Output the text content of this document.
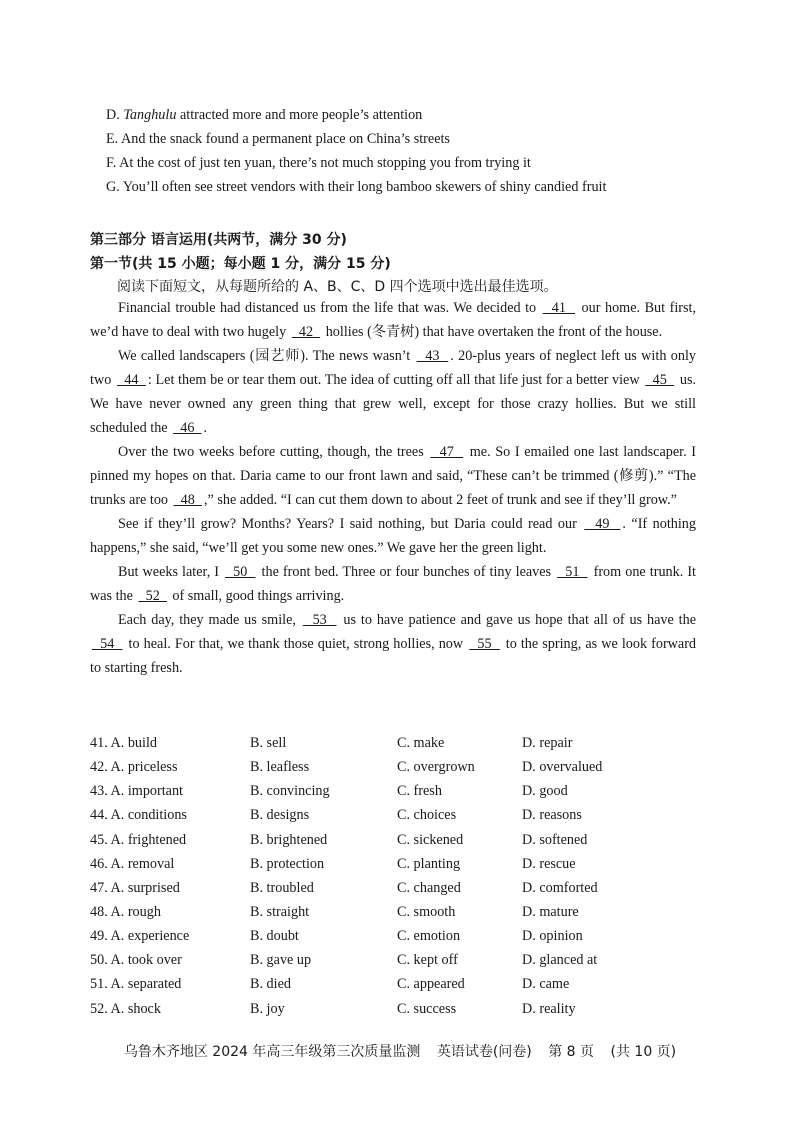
D. Tanghulu attracted more and more people’s attention
E. And the snack found a permanent place on China’s streets
F. At the cost of just ten yuan, there’s not much stopping you from trying it
G. You’ll often see street vendors with their long bamboo skewers of shiny candied fruit
第三部分 语言运用(共两节，满分 30 分)
第一节(共 15 小题；每小题 1 分，满分 15 分)
阅读下面短文，从每题所给的 A、B、C、D 四个选项中选出最佳选项。

Financial trouble had distanced us from the life that was. We decided to   41   our home. But first, we’d have to deal with two hugely   42   hollies (冬青树) that have overtaken the front of the house.

We called landscapers (园艺师). The news wasn’t   43  . 20-plus years of neglect left us with only two   44  : Let them be or tear them out. The idea of cutting off all that life just for a better view   45   us. We have never owned any green thing that grew well, except for those crazy hollies. But we still scheduled the   46  .

Over the two weeks before cutting, though, the trees   47   me. So I emailed one last landscaper. I pinned my hopes on that. Daria came to our front lawn and said, “These can’t be trimmed (修剪).” “The trunks are too   48  ,” she added. “I can cut them down to about 2 feet of trunk and see if they’ll grow.”

See if they’ll grow? Months? Years? I said nothing, but Daria could read our   49  . “If nothing happens,” she said, “we’ll get you some new ones.” We gave her the green light.

But weeks later, I   50   the front bed. Three or four bunches of tiny leaves   51   from one trunk. It was the   52   of small, good things arriving.

Each day, they made us smile,   53   us to have patience and gave us hope that all of us have the   54   to heal. For that, we thank those quiet, strong hollies, now   55   to the spring, as we look forward to starting fresh.

41. A. build	B. sell	C. make	D. repair
42. A. priceless	B. leafless	C. overgrown	D. overvalued
43. A. important	B. convincing	C. fresh	D. good
44. A. conditions	B. designs	C. choices	D. reasons
45. A. frightened	B. brightened	C. sickened	D. softened
46. A. removal	B. protection	C. planting	D. rescue
47. A. surprised	B. troubled	C. changed	D. comforted
48. A. rough	B. straight	C. smooth	D. mature
49. A. experience	B. doubt	C. emotion	D. opinion
50. A. took over	B. gave up	C. kept off	D. glanced at
51. A. separated	B. died	C. appeared	D. came
52. A. shock	B. joy	C. success	D. reality
乌鲁木齐地区 2024 年高三年级第三次质量监测 英语试卷(问卷) 第 8 页 (共 10 页)
